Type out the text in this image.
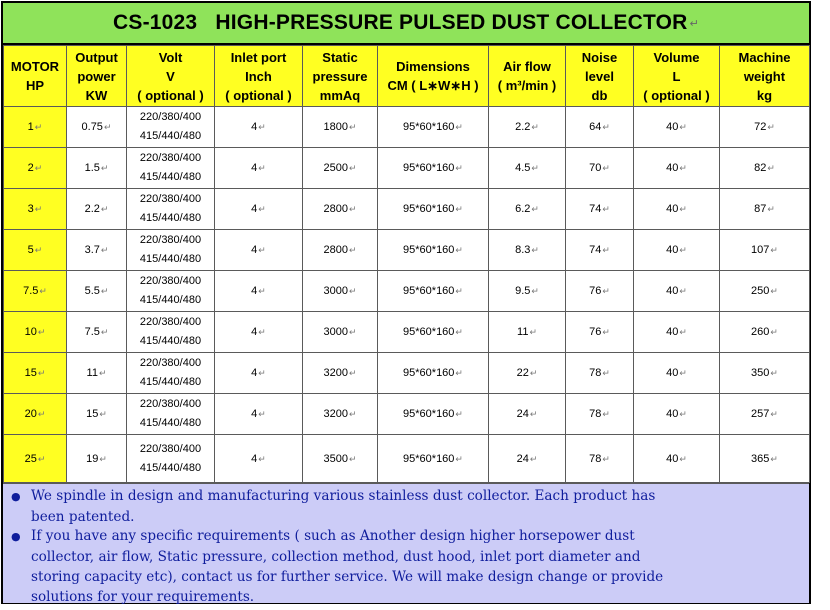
CS-1023   HIGH-PRESSURE PULSED DUST COLLECTOR ↵
MOTOR
HP	Output
power
KW	Volt
V
( optional )	Inlet port
Inch
( optional )	Static
pressure
mmAq	Dimensions
CM ( L∗W∗H )	Air flow
( m³/min )	Noise
level
db	Volume
L
( optional )	Machine
weight
kg

1↵	0.75↵	220/380/400
415/440/480	4↵	1800↵	95*60*160↵	2.2↵	64↵	40↵	72↵
2↵	1.5↵	220/380/400
415/440/480	4↵	2500↵	95*60*160↵	4.5↵	70↵	40↵	82↵
3↵	2.2↵	220/380/400
415/440/480	4↵	2800↵	95*60*160↵	6.2↵	74↵	40↵	87↵
5↵	3.7↵	220/380/400
415/440/480	4↵	2800↵	95*60*160↵	8.3↵	74↵	40↵	107↵
7.5↵	5.5↵	220/380/400
415/440/480	4↵	3000↵	95*60*160↵	9.5↵	76↵	40↵	250↵
10↵	7.5↵	220/380/400
415/440/480	4↵	3000↵	95*60*160↵	11↵	76↵	40↵	260↵
15↵	11↵	220/380/400
415/440/480	4↵	3200↵	95*60*160↵	22↵	78↵	40↵	350↵
20↵	15↵	220/380/400
415/440/480	4↵	3200↵	95*60*160↵	24↵	78↵	40↵	257↵
25↵	19↵	220/380/400
415/440/480	4↵	3500↵	95*60*160↵	24↵	78↵	40↵	365↵
● We spindle in design and manufacturing various stainless dust collector. Each product has
been patented.
● If you have any specific requirements ( such as Another design higher horsepower dust
collector, air flow, Static pressure, collection method, dust hood, inlet port diameter and
storing capacity etc), contact us for further service. We will make design change or provide
solutions for your requirements.
